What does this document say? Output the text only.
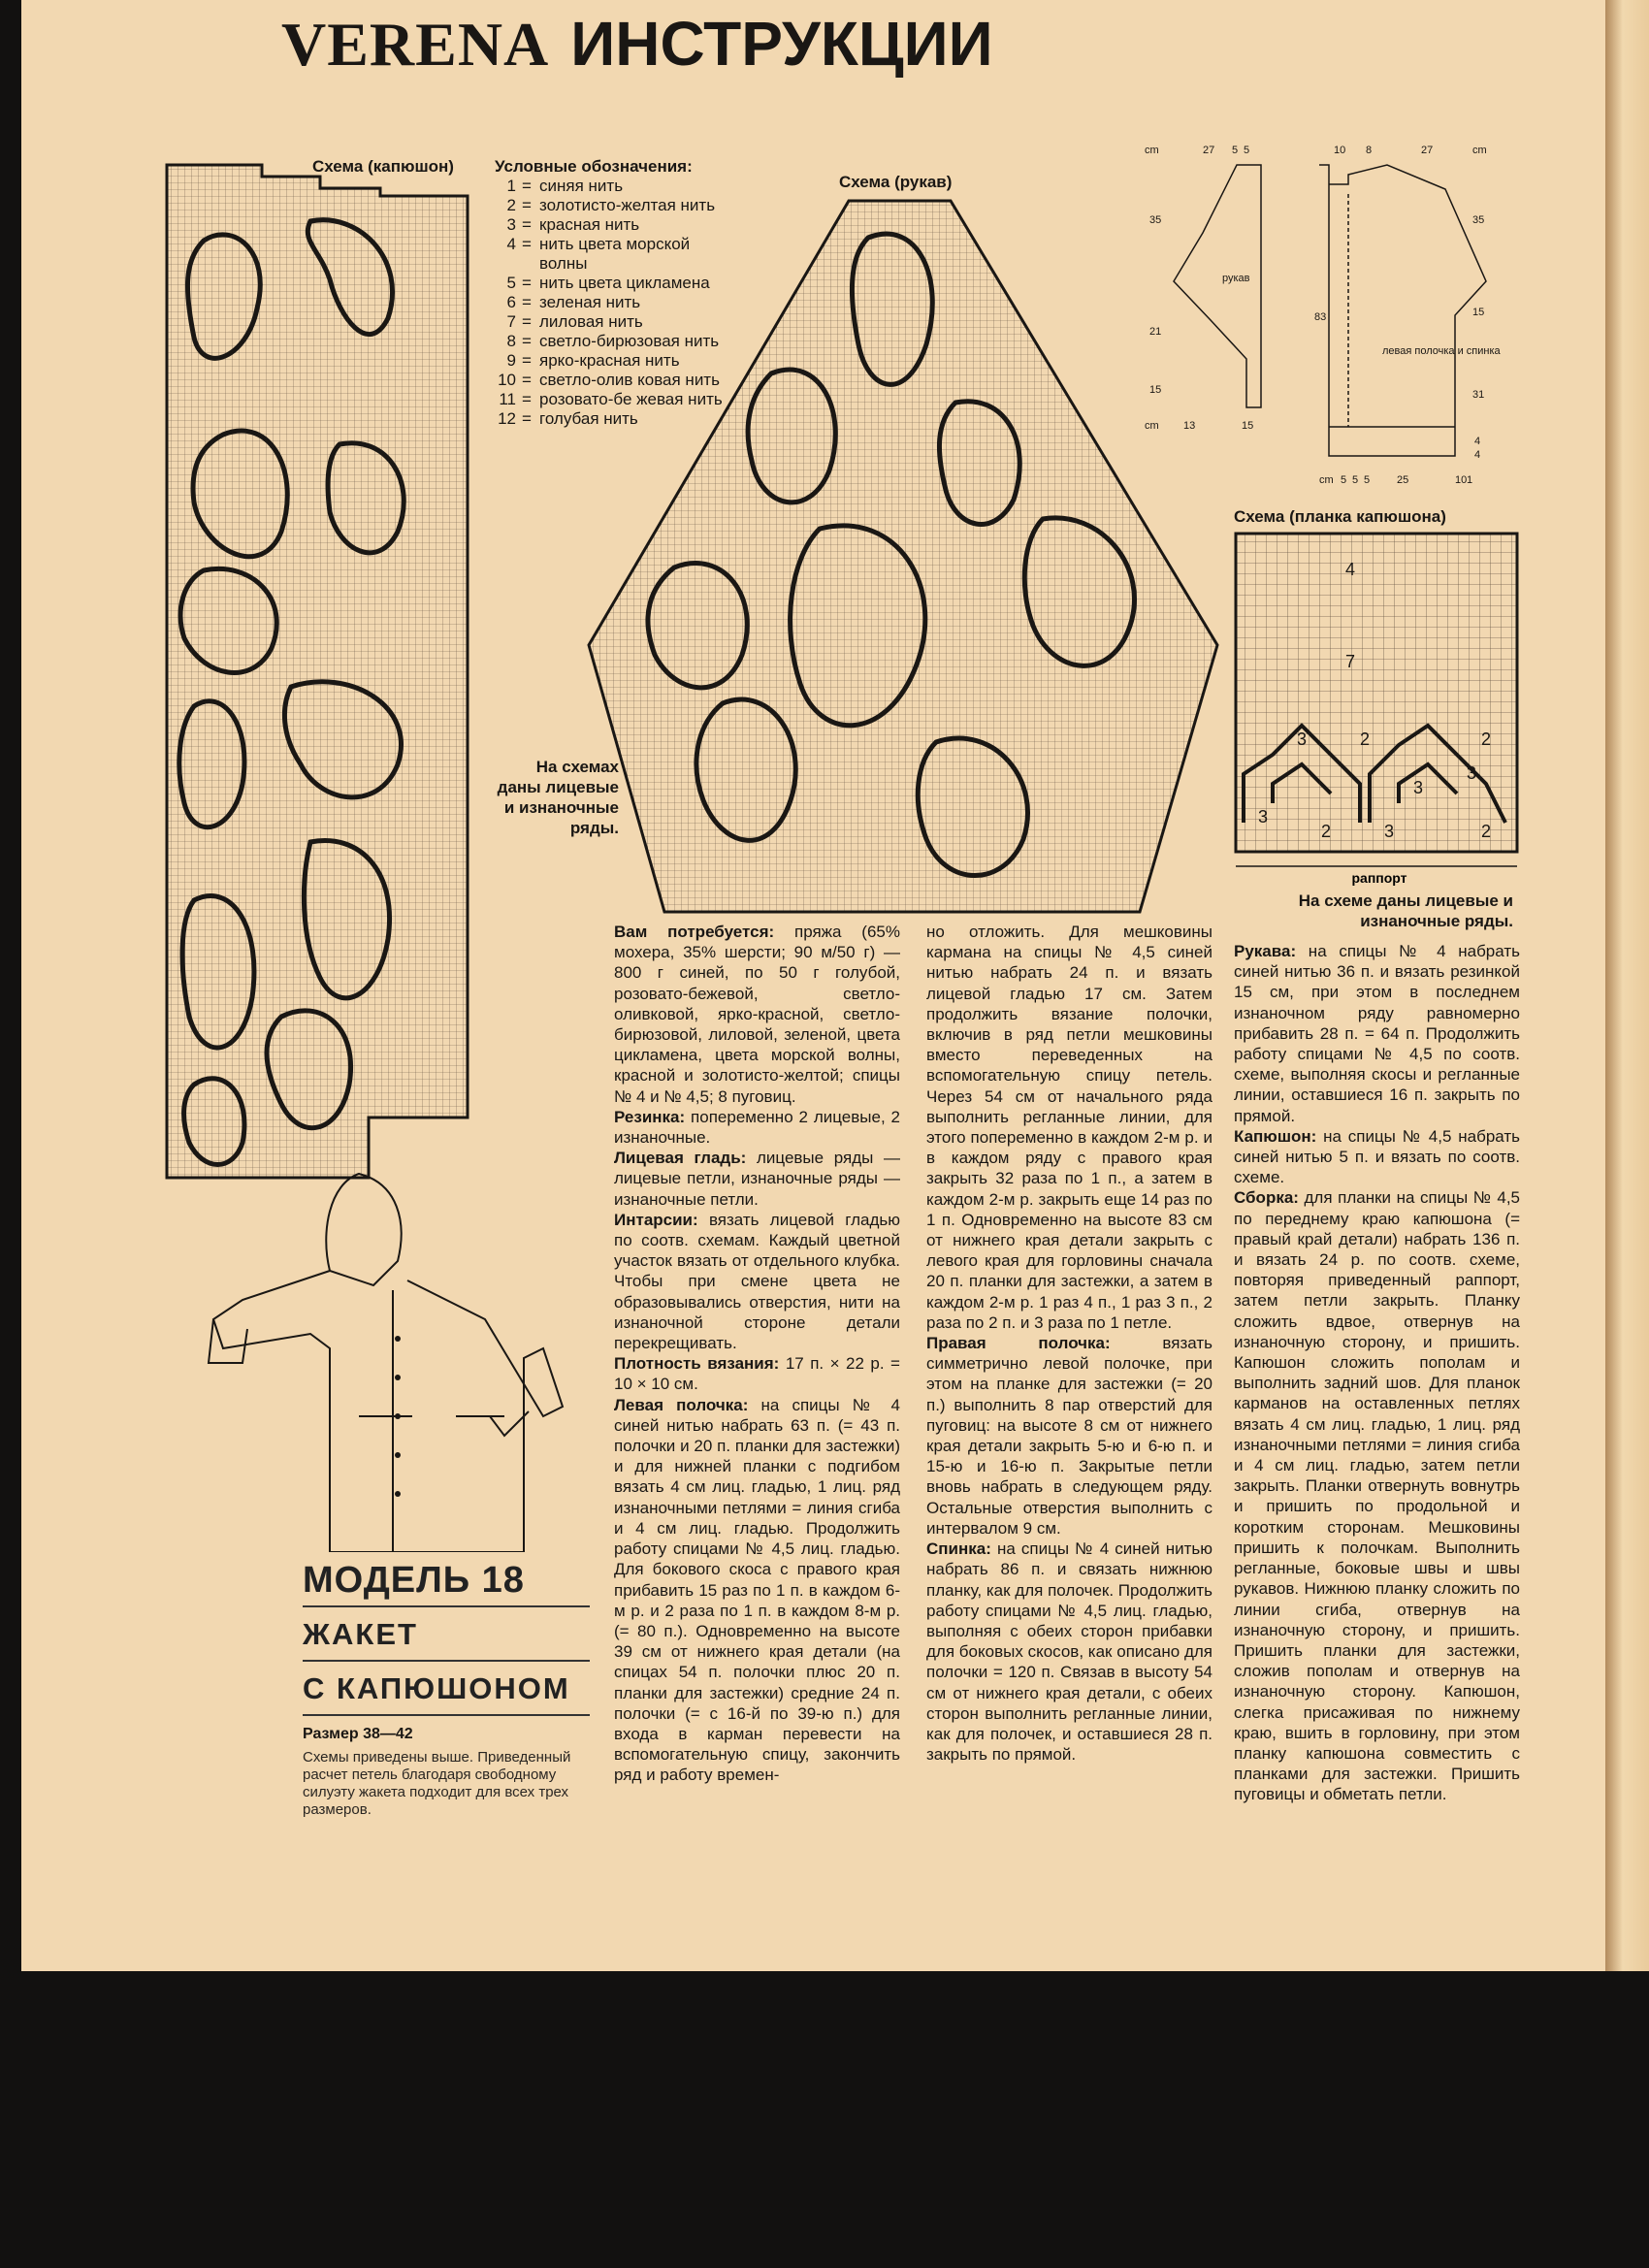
VERENA ИНСТРУКЦИИ
Схема (капюшон) Условные обозначения:
1 = синяя нить
2 = золотисто-желтая нить
3 = красная нить
4 = нить цвета морской волны
5 = нить цвета цикламена
6 = зеленая нить
7 = лиловая нить
8 = светло-бирюзовая нить
9 = ярко-красная нить
10 = светло-олив ковая нить
11 = розовато-бе жевая нить
12 = голубая нить
Схема (рукав)
cm	27 5 5	10 8	27	cm
35
21
15
cm 13	15
35
83	15
31
4
4
cm 5 5 5	25	10 1
рукав
левая полочка и спинка
Схема (планка капюшона)
4
7
3	2	2
3
3
3
2	3	2
раппорт
На схемах даны лицевые и изнаночные ряды.
На схеме даны лицевые и изнаночные ряды.
МОДЕЛЬ 18
ЖАКЕТ
С КАПЮШОНОМ
Размер 38—42
Схемы приведены выше. Приведенный расчет петель благодаря свободному силуэту жакета подходит для всех трех размеров.

Вам потребуется: пряжа (65% мохера, 35% шерсти; 90 м/50 г) — 800 г синей, по 50 г голубой, розовато-бежевой, светло-оливковой, ярко-красной, светло-бирюзовой, лиловой, зеленой, цвета цикламена, цвета морской волны, красной и золотисто-желтой; спицы № 4 и № 4,5; 8 пуговиц.

Резинка: попеременно 2 лицевые, 2 изнаночные.

Лицевая гладь: лицевые ряды — лицевые петли, изнаночные ряды — изнаночные петли.

Интарсии: вязать лицевой гладью по соотв. схемам. Каждый цветной участок вязать от отдельного клубка. Чтобы при смене цвета не образовывались отверстия, нити на изнаночной стороне детали перекрещивать.

Плотность вязания: 17 п. × 22 р. = 10 × 10 см.

Левая полочка: на спицы № 4 синей нитью набрать 63 п. (= 43 п. полочки и 20 п. планки для застежки) и для нижней планки с подгибом вязать 4 см лиц. гладью, 1 лиц. ряд изнаночными петлями = линия сгиба и 4 см лиц. гладью. Продолжить работу спицами № 4,5 лиц. гладью. Для бокового скоса с правого края прибавить 15 раз по 1 п. в каждом 6-м р. и 2 раза по 1 п. в каждом 8-м р. (= 80 п.). Одновременно на высоте 39 см от нижнего края детали (на спицах 54 п. полочки плюс 20 п. планки для застежки) средние 24 п. полочки (= с 16-й по 39-ю п.) для входа в карман перевести на вспомогательную спицу, закончить ряд и работу времен-

но отложить. Для мешковины кармана на спицы № 4,5 синей нитью набрать 24 п. и вязать лицевой гладью 17 см. Затем продолжить вязание полочки, включив в ряд петли мешковины вместо переведенных на вспомогательную спицу петель. Через 54 см от начального ряда выполнить регланные линии, для этого попеременно в каждом 2-м р. и в каждом ряду с правого края закрыть 32 раза по 1 п., а затем в каждом 2-м р. закрыть еще 14 раз по 1 п. Одновременно на высоте 83 см от нижнего края детали закрыть с левого края для горловины сначала 20 п. планки для застежки, а затем в каждом 2-м р. 1 раз 4 п., 1 раз 3 п., 2 раза по 2 п. и 3 раза по 1 петле.

Правая полочка: вязать симметрично левой полочке, при этом на планке для застежки (= 20 п.) выполнить 8 пар отверстий для пуговиц: на высоте 8 см от нижнего края детали закрыть 5-ю и 6-ю п. и 15-ю и 16-ю п. Закрытые петли вновь набрать в следующем ряду. Остальные отверстия выполнить с интервалом 9 см.

Спинка: на спицы № 4 синей нитью набрать 86 п. и связать нижнюю планку, как для полочек. Продолжить работу спицами № 4,5 лиц. гладью, выполняя с обеих сторон прибавки для боковых скосов, как описано для полочки = 120 п. Связав в высоту 54 см от нижнего края детали, с обеих сторон выполнить регланные линии, как для полочек, и оставшиеся 28 п. закрыть по прямой.

Рукава: на спицы № 4 набрать синей нитью 36 п. и вязать резинкой 15 см, при этом в последнем изнаночном ряду равномерно прибавить 28 п. = 64 п. Продолжить работу спицами № 4,5 по соотв. схеме, выполняя скосы и регланные линии, оставшиеся 16 п. закрыть по прямой.

Капюшон: на спицы № 4,5 набрать синей нитью 5 п. и вязать по соотв. схеме.

Сборка: для планки на спицы № 4,5 по переднему краю капюшона (= правый край детали) набрать 136 п. и вязать 24 р. по соотв. схеме, повторяя приведенный раппорт, затем петли закрыть. Планку сложить вдвое, отвернув на изнаночную сторону, и пришить. Капюшон сложить пополам и выполнить задний шов. Для планок карманов на оставленных петлях вязать 4 см лиц. гладью, 1 лиц. ряд изнаночными петлями = линия сгиба и 4 см лиц. гладью, затем петли закрыть. Планки отвернуть вовнутрь и пришить по продольной и коротким сторонам. Мешковины пришить к полочкам. Выполнить регланные, боковые швы и швы рукавов. Нижнюю планку сложить по линии сгиба, отвернув на изнаночную сторону, и пришить. Пришить планки для застежки, сложив пополам и отвернув на изнаночную сторону. Капюшон, слегка присаживая по нижнему краю, вшить в горловину, при этом планку капюшона совместить с планками для застежки. Пришить пуговицы и обметать петли.
